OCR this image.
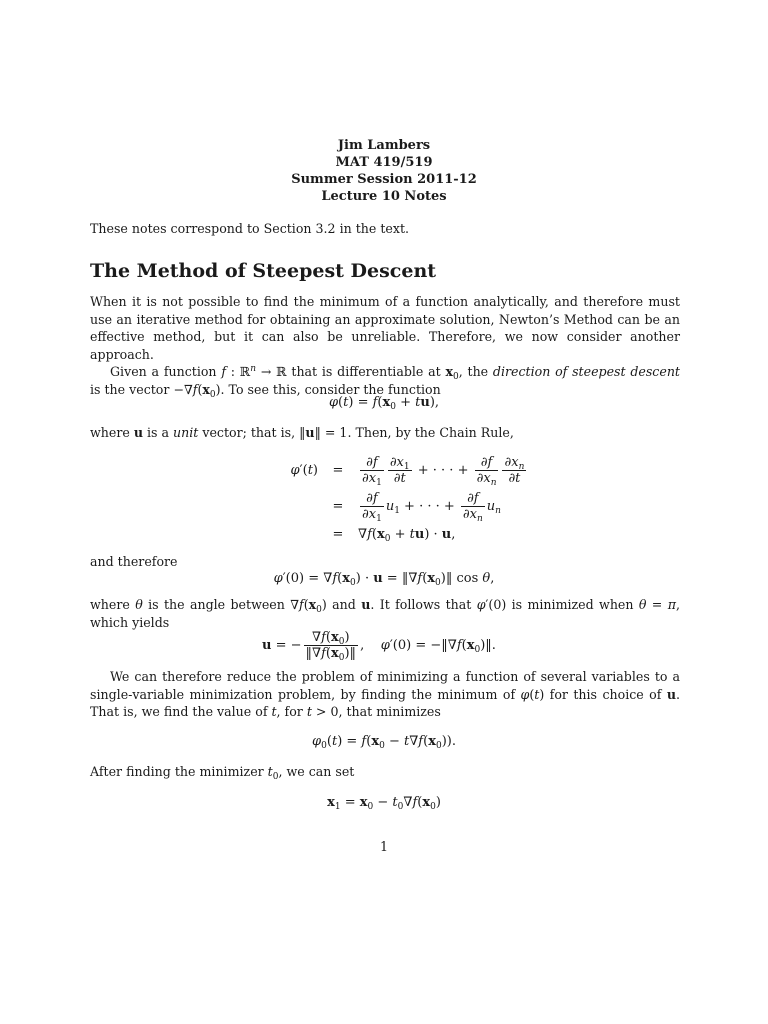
Jim Lambers
MAT 419/519
Summer Session 2011-12
Lecture 10 Notes

These notes correspond to Section 3.2 in the text.

The Method of Steepest Descent

When it is not possible to find the minimum of a function analytically, and therefore must use an iterative method for obtaining an approximate solution, Newton’s Method can be an effective method, but it can also be unreliable. Therefore, we now consider another approach.

Given a function f : ℝ$^n$ → ℝ that is differentiable at $x_0$, the direction of steepest descent is the vector $-\nabla f(x_0)$. To see this, consider the function

$\varphi(t) = f(x_0 + tu)$,

where u is a unit vector; that is, ‖u‖ = 1. Then, by the Chain Rule,

φ′(t)	=	$\frac{\partial f}{\partial x_1} \frac{\partial x_1}{\partial t}$ + · · · + $\frac{\partial f}{\partial x_n} \frac{\partial x_n}{\partial t}$
=	$\frac{\partial f}{\partial x_1} u_1$ + · · · + $\frac{\partial f}{\partial x_n} u_n$
=	$\nabla f(x_0 + tu) \cdot u$,

and therefore

$\varphi'(0) = \nabla f(x_0) \cdot u$ = $‖\nabla f(x_0)‖$ cos θ,

where θ is the angle between $\nabla f(x_0)$ and u. It follows that φ′(0) is minimized when θ = π, which yields

u = − $\frac{\nabla f(x_0)}{‖\nabla f(x_0)‖}$ ,    $\varphi'(0) = -‖\nabla f(x_0)‖$.

We can therefore reduce the problem of minimizing a function of several variables to a single-variable minimization problem, by finding the minimum of φ(t) for this choice of u. That is, we find the value of t, for t > 0, that minimizes

$\varphi_0(t) = f(x_0 - t\nabla f(x_0))$.

After finding the minimizer $t_0$, we can set

$x_1 = x_0 - t_0\nabla f(x_0)$
1
